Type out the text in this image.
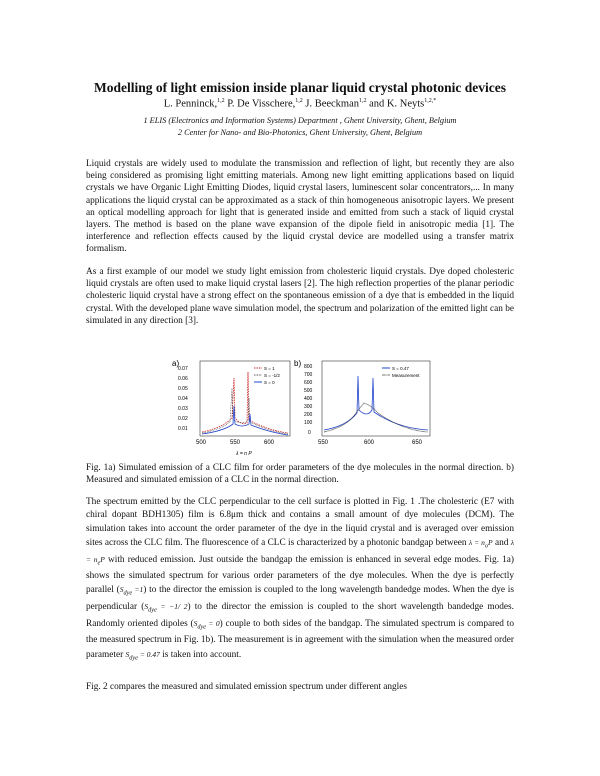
Modelling of light emission inside planar liquid crystal photonic devices
L. Penninck,$^{1,2}$ P. De Visschere,$^{1,2}$ J. Beeckman$^{1,2}$ and K. Neyts$^{1,2,*}$
1 ELIS (Electronics and Information Systems) Department , Ghent University, Ghent, Belgium
2 Center for Nano- and Bio-Photonics, Ghent University, Ghent, Belgium

Liquid crystals are widely used to modulate the transmission and reflection of light, but recently they are also being considered as promising light emitting materials. Among new light emitting applications based on liquid crystals we have Organic Light Emitting Diodes, liquid crystal lasers, luminescent solar concentrators,... In many applications the liquid crystal can be approximated as a stack of thin homogeneous anisotropic layers. We present an optical modelling approach for light that is generated inside and emitted from such a stack of liquid crystal layers. The method is based on the plane wave expansion of the dipole field in anisotropic media [1]. The interference and reflection effects caused by the liquid crystal device are modelled using a transfer matrix formalism.

As a first example of our model we study light emission from cholesteric liquid crystals. Dye doped cholesteric liquid crystals are often used to make liquid crystal lasers [2]. The high reflection properties of the planar periodic cholesteric liquid crystal have a strong effect on the spontaneous emission of a dye that is embedded in the liquid crystal. With the developed plane wave simulation model, the spectrum and polarization of the emitted light can be simulated in any direction [3].

a)
0.07
0.06
0.05
0.04
0.03
0.02
0.01
500	550	600
λ = n P
S = 1
S = -1/2
S = 0
b) 800
700
600
500
400
300
200
100
0
550	600	650
S = 0.47
Measurement

Fig. 1a) Simulated emission of a CLC film for order parameters of the dye molecules in the normal direction. b) Measured and simulated emission of a CLC in the normal direction.

The spectrum emitted by the CLC perpendicular to the cell surface is plotted in Fig. 1 .The cholesteric (E7 with chiral dopant BDH1305) film is 6.8μm thick and contains a small amount of dye molecules (DCM). The simulation takes into account the order parameter of the dye in the liquid crystal and is averaged over emission sites across the CLC film. The fluorescence of a CLC is characterized by a photonic bandgap between $\lambda = n_oP$ and $\lambda = n_eP$ with reduced emission. Just outside the bandgap the emission is enhanced in several edge modes. Fig. 1a) shows the simulated spectrum for various order parameters of the dye molecules. When the dye is perfectly parallel $(S_{dye} =1)$ to the director the emission is coupled to the long wavelength bandedge modes. When the dye is perpendicular ($S_{dye} = -1/$ 2) to the director the emission is coupled to the short wavelength bandedge modes. Randomly oriented dipoles $(S_{dye} = 0)$ couple to both sides of the bandgap. The simulated spectrum is compared to the measured spectrum in Fig. 1b). The measurement is in agreement with the simulation when the measured order parameter $S_{dye} = 0.47$ is taken into account.

Fig. 2 compares the measured and simulated emission spectrum under different angles
